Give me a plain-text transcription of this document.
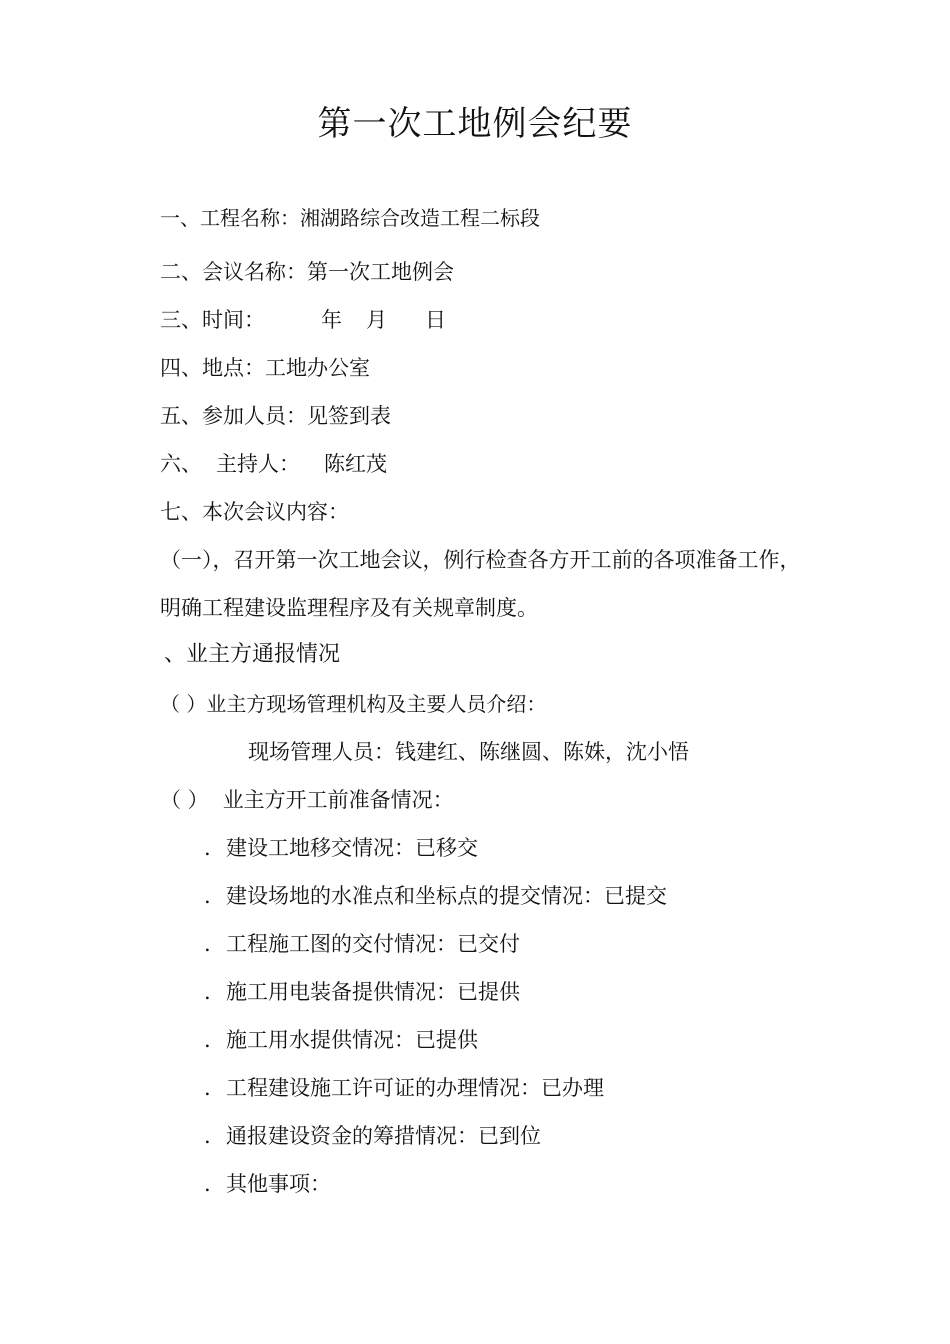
第一次工地例会纪要
一、工程名称：湘湖路综合改造工程二标段
二、会议名称：第一次工地例会
三、时间：	年 月 日
四、地点：工地办公室
五、参加人员：见签到表
六、 主持人： 陈红茂
七、本次会议内容：
（一），召开第一次工地会议，例行检查各方开工前的各项准备工作，
明确工程建设监理程序及有关规章制度。
、业主方通报情况
（ ）业主方现场管理机构及主要人员介绍：
现场管理人员：钱建红、陈继圆、陈姝，沈小悟
（ ） 业主方开工前准备情况：
. 建设工地移交情况：已移交
. 建设场地的水准点和坐标点的提交情况：已提交
. 工程施工图的交付情况：已交付
. 施工用电装备提供情况：已提供
. 施工用水提供情况：已提供
. 工程建设施工许可证的办理情况：已办理
. 通报建设资金的筹措情况：已到位
. 其他事项：
